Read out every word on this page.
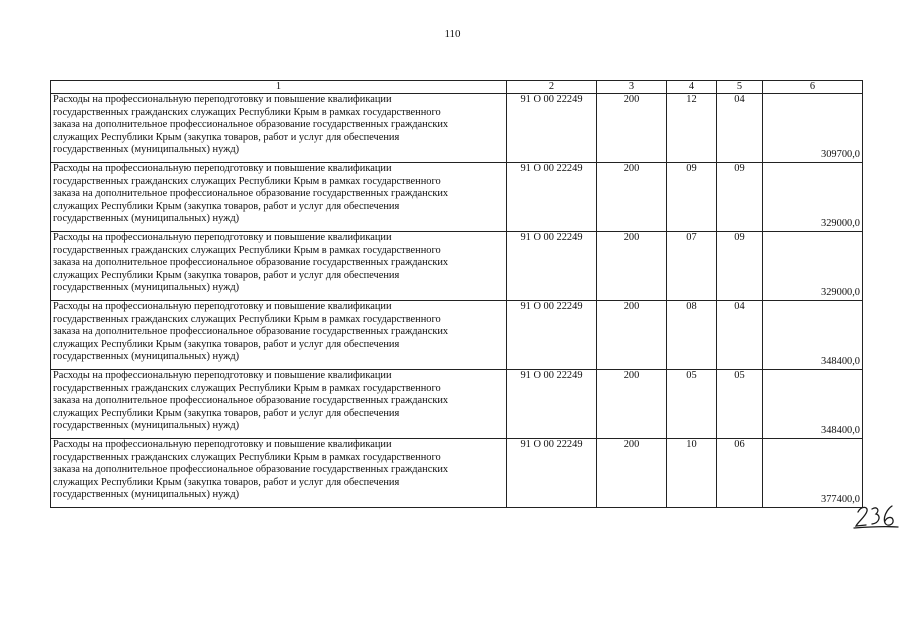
110
1	2	3	4	5	6

Расходы на профессиональную переподготовку и повышение квалификации
государственных гражданских служащих Республики Крым в рамках государственного
заказа на дополнительное профессиональное образование государственных гражданских
служащих Республики Крым (закупка товаров, работ и услуг для обеспечения
государственных (муниципальных) нужд)	91 О 00 22249	200	12	04	309700,0

Расходы на профессиональную переподготовку и повышение квалификации
государственных гражданских служащих Республики Крым в рамках государственного
заказа на дополнительное профессиональное образование государственных гражданских
служащих Республики Крым (закупка товаров, работ и услуг для обеспечения
государственных (муниципальных) нужд)	91 О 00 22249	200	09	09	329000,0

Расходы на профессиональную переподготовку и повышение квалификации
государственных гражданских служащих Республики Крым в рамках государственного
заказа на дополнительное профессиональное образование государственных гражданских
служащих Республики Крым (закупка товаров, работ и услуг для обеспечения
государственных (муниципальных) нужд)	91 О 00 22249	200	07	09	329000,0

Расходы на профессиональную переподготовку и повышение квалификации
государственных гражданских служащих Республики Крым в рамках государственного
заказа на дополнительное профессиональное образование государственных гражданских
служащих Республики Крым (закупка товаров, работ и услуг для обеспечения
государственных (муниципальных) нужд)	91 О 00 22249	200	08	04	348400,0

Расходы на профессиональную переподготовку и повышение квалификации
государственных гражданских служащих Республики Крым в рамках государственного
заказа на дополнительное профессиональное образование государственных гражданских
служащих Республики Крым (закупка товаров, работ и услуг для обеспечения
государственных (муниципальных) нужд)	91 О 00 22249	200	05	05	348400,0

Расходы на профессиональную переподготовку и повышение квалификации
государственных гражданских служащих Республики Крым в рамках государственного
заказа на дополнительное профессиональное образование государственных гражданских
служащих Республики Крым (закупка товаров, работ и услуг для обеспечения
государственных (муниципальных) нужд)	91 О 00 22249	200	10	06	377400,0
